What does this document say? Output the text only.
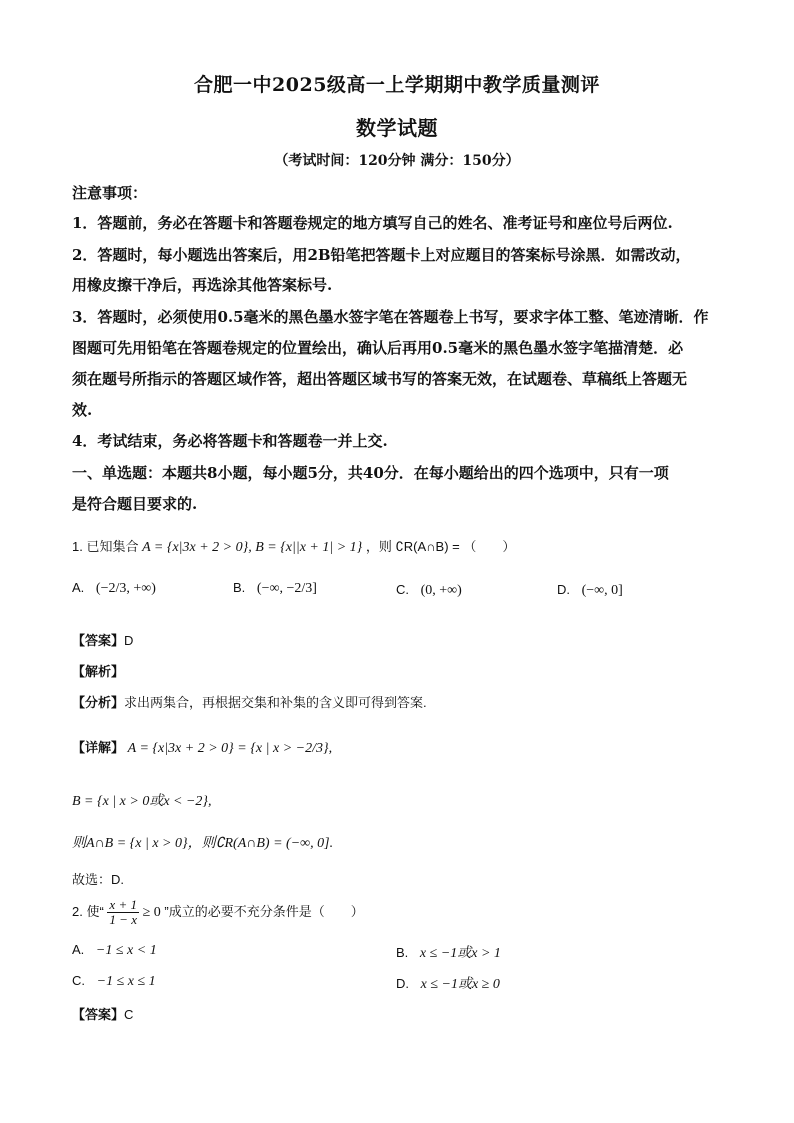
合肥一中2025级高一上学期期中教学质量测评
数学试题
（考试时间：120分钟 满分：150分）
注意事项：
1．答题前，务必在答题卡和答题卷规定的地方填写自己的姓名、准考证号和座位号后两位.
2．答题时，每小题选出答案后，用2B铅笔把答题卡上对应题目的答案标号涂黑．如需改动，
用橡皮擦干净后，再选涂其他答案标号.
3．答题时，必须使用0.5毫米的黑色墨水签字笔在答题卷上书写，要求字体工整、笔迹清晰．作
图题可先用铅笔在答题卷规定的位置绘出，确认后再用0.5毫米的黑色墨水签字笔描清楚．必
须在题号所指示的答题区域作答，超出答题区域书写的答案无效，在试题卷、草稿纸上答题无
效.
4．考试结束，务必将答题卡和答题卷一并上交.
一、单选题：本题共8小题，每小题5分，共40分．在每小题给出的四个选项中，只有一项
是符合题目要求的.
1. 已知集合 A = {x|3x + 2 > 0}, B = {x||x + 1| > 1} ，则 ∁R(A∩B) = （　　）
A. (−2/3, +∞)	B. (−∞, −2/3]	C. (0, +∞)	D. (−∞, 0]
【答案】D
【解析】
【分析】求出两集合，再根据交集和补集的含义即可得到答案.
【详解】 A = {x|3x + 2 > 0} = {x | x > −2/3},
B = {x | x > 0或x < −2},
则A∩B = {x | x > 0}，则∁R(A∩B) = (−∞, 0].
故选：D.
2. 使“ $\frac{x + 1}{1 - x} \ge 0$ ”成立的必要不充分条件是（　　）
A. −1 ≤ x < 1	B. x ≤ −1或x > 1
C. −1 ≤ x ≤ 1	D. x ≤ −1或x ≥ 0
【答案】C
